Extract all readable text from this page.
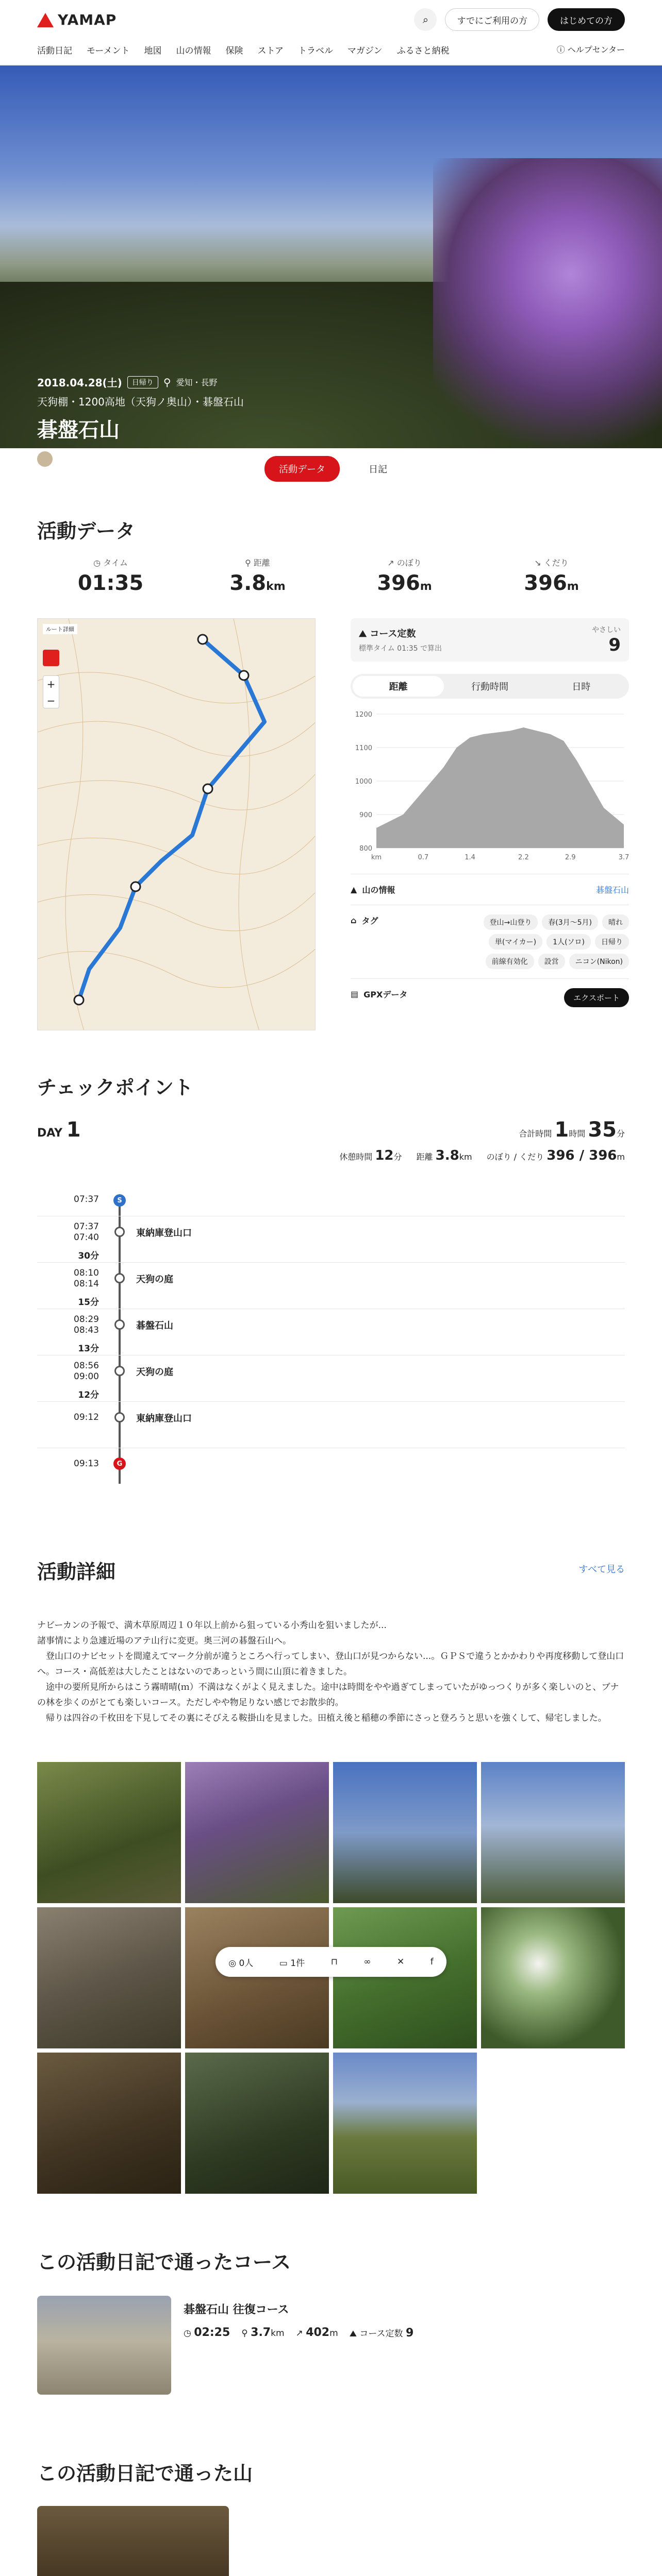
YAMAP	⌕	すでにご利用の方	はじめての方
活動日記 モーメント 地図 山の情報 保険 ストア トラベル マガジン ふるさと納税	ⓘ ヘルプセンター
2018.04.28(土)	日帰り ⚲ 愛知・長野
天狗棚・1200高地（天狗ノ奥山）・碁盤石山
碁盤石山
なはなは
活動データ	日記
活動データ
◷ タイム
01:35
⚲ 距離
3.8km
↗ のぼり
396m
↘ くだり
396m
ルート詳細
+
−
⛰ コース定数
標準タイム 01:35 で算出
やさしい
9
距離	行動時間	日時
1200
1100
1000
900
800
km	0.7	1.4	2.2	2.9	3.7
▲ 山の情報	碁盤石山
⌂ タグ	登山→山登り	春(3月〜5月)	晴れ
単(マイカー)	1人(ソロ)	日帰り
前線有効化	設営	ニコン(Nikon)
▤ GPXデータ	エクスポート
チェックポイント
DAY 1	合計時間 1時間 35分
休憩時間 12分 距離 3.8km のぼり / くだり 396 / 396m
07:37	S
07:37
07:40	東納庫登山口
30分
08:10
08:14	天狗の庭
15分
08:29
08:43	碁盤石山
13分
08:56
09:00	天狗の庭
12分
09:12	東納庫登山口
09:13	G
活動詳細	すべて見る

ナビーカンの予報で、満木草原周辺１０年以上前から狙っている小秀山を狙いましたが...

諸事情により急遽近場のアテ山行に変更。奥三河の碁盤石山へ。

　登山口のナビセットを間違えてマーク分前が違うところへ行ってしまい、登山口が見つからない...。ＧＰＳで違うとかかわりや再度移動して登山口へ。コース・高低差は大したことはないのであっという間に山頂に着きました。

　途中の要所見所からはこう霧晴晴(ｍ）不満はなくがよく見えました。途中は時間をやや過ぎてしまっていたがゆっつくりが多く楽しいのと、ブナの林を歩くのがとても楽しいコース。ただしやや物足りない感じでお散歩的。

　帰りは四谷の千枚田を下見してその裏にそびえる鞍掛山を見ました。田植え後と稲穂の季節にさっと登ろうと思いを強くして、帰宅しました。

◎ 0人	▭ 1件	⊓	∞	✕	f
この活動日記で通ったコース
碁盤石山 往復コース
◷ 02:25 ⚲ 3.7km ↗ 402m ⛰ コース定数 9
この活動日記で通った山
